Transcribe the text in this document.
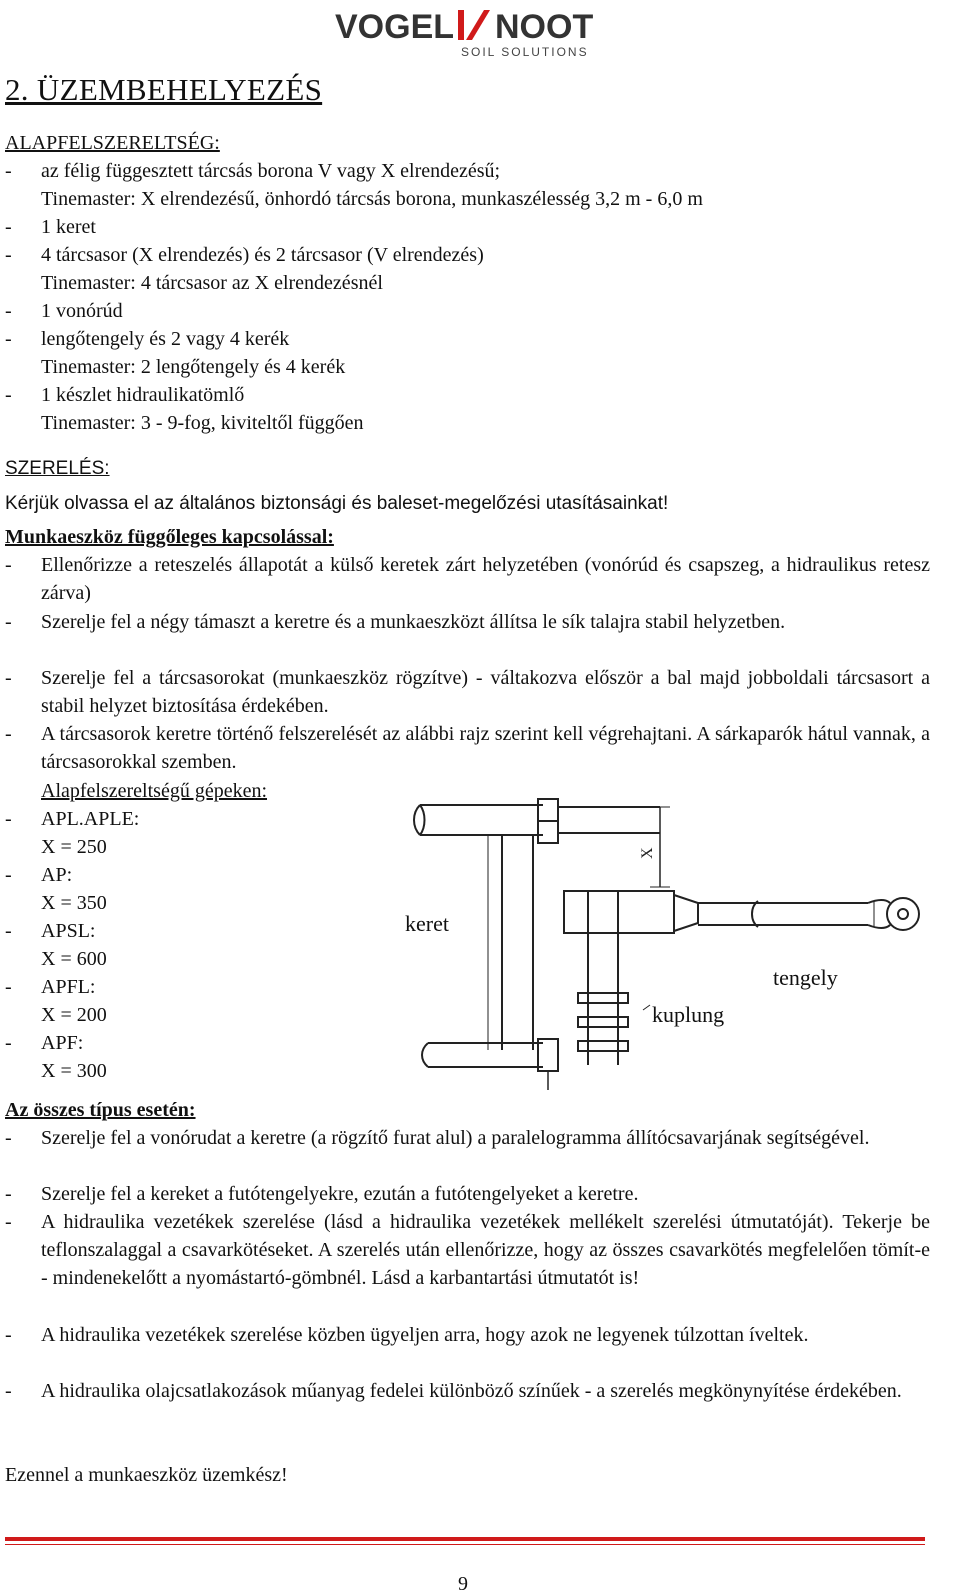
VOGEL NOOT
SOIL SOLUTIONS
2. ÜZEMBEHELYEZÉS
ALAPFELSZERELTSÉG:
- az félig függesztett tárcsás borona V vagy X elrendezésű;
Tinemaster: X elrendezésű, önhordó tárcsás borona, munkaszélesség 3,2 m - 6,0 m
- 1 keret
- 4 tárcsasor (X elrendezés) és 2 tárcsasor (V elrendezés)
Tinemaster: 4 tárcsasor az X elrendezésnél
- 1 vonórúd
- lengőtengely és 2 vagy 4 kerék
Tinemaster: 2 lengőtengely és 4 kerék
- 1 készlet hidraulikatömlő
Tinemaster: 3 - 9-fog, kiviteltől függően
SZERELÉS:
Kérjük olvassa el az általános biztonsági és baleset-megelőzési utasításainkat!
Munkaeszköz függőleges kapcsolással:
- Ellenőrizze a reteszelés állapotát a külső keretek zárt helyzetében (vonórúd és csapszeg, a hidraulikus retesz zárva)
- Szerelje fel a négy támaszt a keretre és a munkaeszközt állítsa le sík talajra stabil helyzetben.
- Szerelje fel a tárcsasorokat (munkaeszköz rögzítve) - váltakozva először a bal majd jobboldali tárcsasort a stabil helyzet biztosítása érdekében.
- A tárcsasorok keretre történő felszerelését az alábbi rajz szerint kell végrehajtani. A sárkaparók hátul vannak, a tárcsasorokkal szemben.
Alapfelszereltségű gépeken:
- APL.APLE:
X = 250
- AP:
X = 350
- APSL:
X = 600
- APFL:
X = 200
- APF:
X = 300
X
keret
tengely
kuplung
Az összes típus esetén:
- Szerelje fel a vonórudat a keretre (a rögzítő furat alul) a paralelogramma állítócsavarjának segítségével.
- Szerelje fel a kereket a futótengelyekre, ezután a futótengelyeket a keretre.
- A hidraulika vezetékek szerelése (lásd a hidraulika vezetékek mellékelt szerelési útmutatóját). Tekerje be teflonszalaggal a csavarkötéseket. A szerelés után ellenőrizze, hogy az összes csavarkötés megfelelően tömít-e - mindenekelőtt a nyomástartó-gömbnél. Lásd a karbantartási útmutatót is!
- A hidraulika vezetékek szerelése közben ügyeljen arra, hogy azok ne legyenek túlzottan íveltek.
- A hidraulika olajcsatlakozások műanyag fedelei különböző színűek - a szerelés megkönynyítése érdekében.
Ezennel a munkaeszköz üzemkész!
9
